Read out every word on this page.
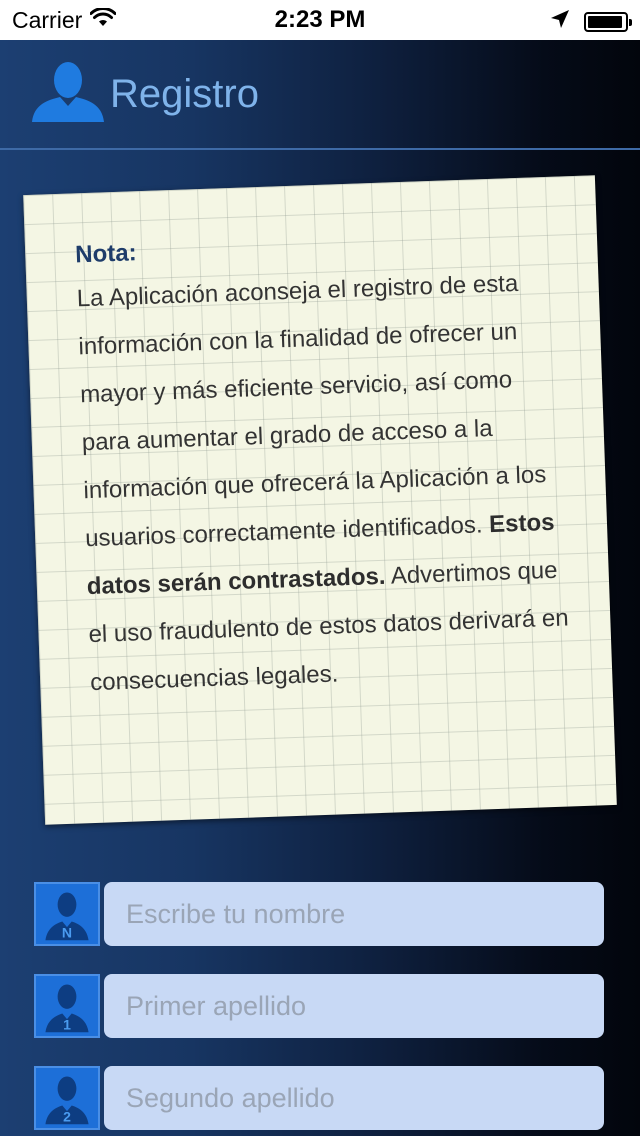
Carrier	2:23 PM
Registro
Nota:

La Aplicación aconseja el registro de esta información con la finalidad de ofrecer un mayor y más eficiente servicio, así como para aumentar el grado de acceso a la información que ofrecerá la Aplicación a los usuarios correctamente identificados. Estos datos serán contrastados. Advertimos que el uso fraudulento de estos datos derivará en consecuencias legales.

N
Escribe tu nombre
1
Primer apellido
2
Segundo apellido
